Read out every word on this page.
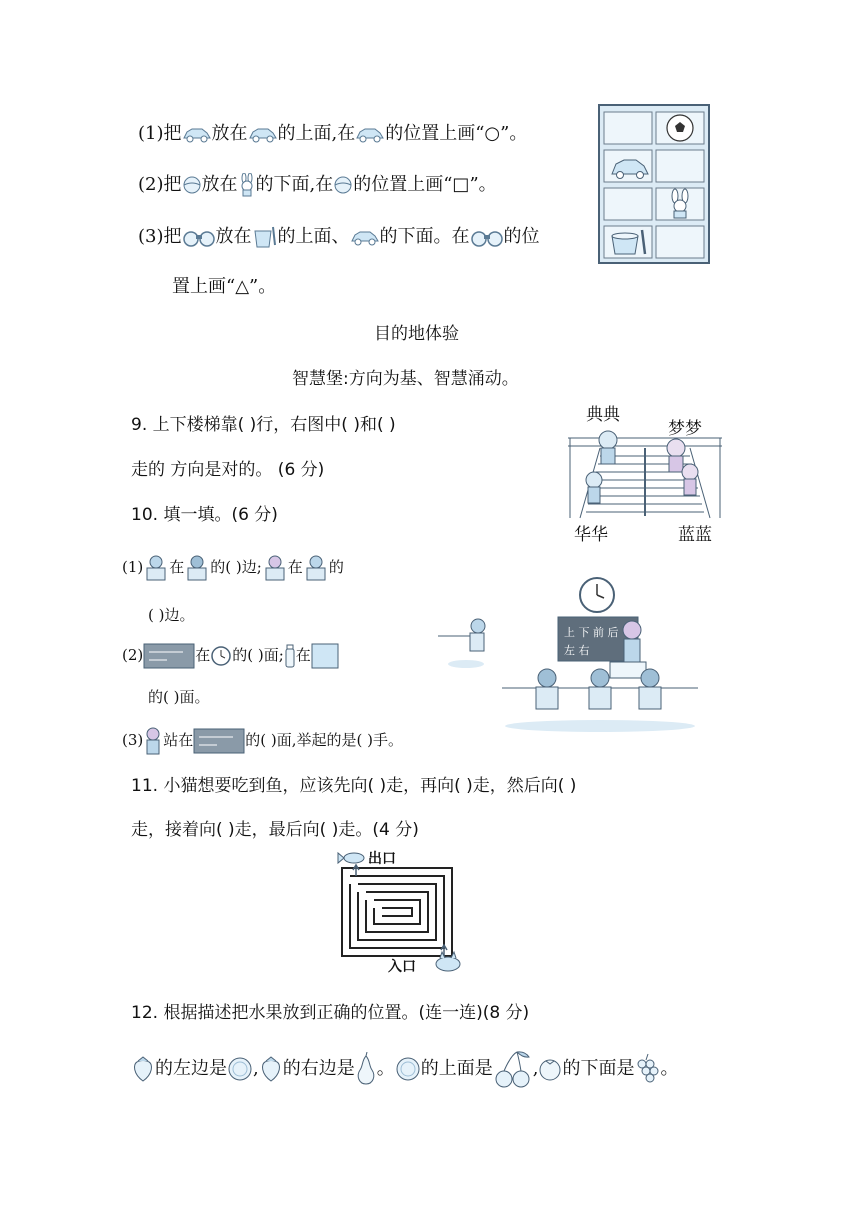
(1)把 放在 的上面,在 的位置上画“○”。
(2)把 放在 的下面,在 的位置上画“□”。
(3)把 放在 的上面、 的下面。在 的位
置上画“△”。
目的地体验
智慧堡:方向为基、智慧涌动。
9. 上下楼梯靠( )行，右图中( )和( )
走的 方向是对的。 (6 分)
典典
梦梦
华华	蓝蓝
10. 填一填。(6 分)
(1) 在 的( )边; 在 的
( )边。
(2)	在 的( )面; 在
的( )面。
(3) 站在	的( )面,举起的是( )手。
上 下 前 后
左 右
11. 小猫想要吃到鱼，应该先向( )走，再向( )走，然后向( )
走，接着向( )走，最后向( )走。(4 分)
出口
入口
12. 根据描述把水果放到正确的位置。(连一连)(8 分)
的左边是 , 的右边是 。 的上面是 , 的下面是 。
